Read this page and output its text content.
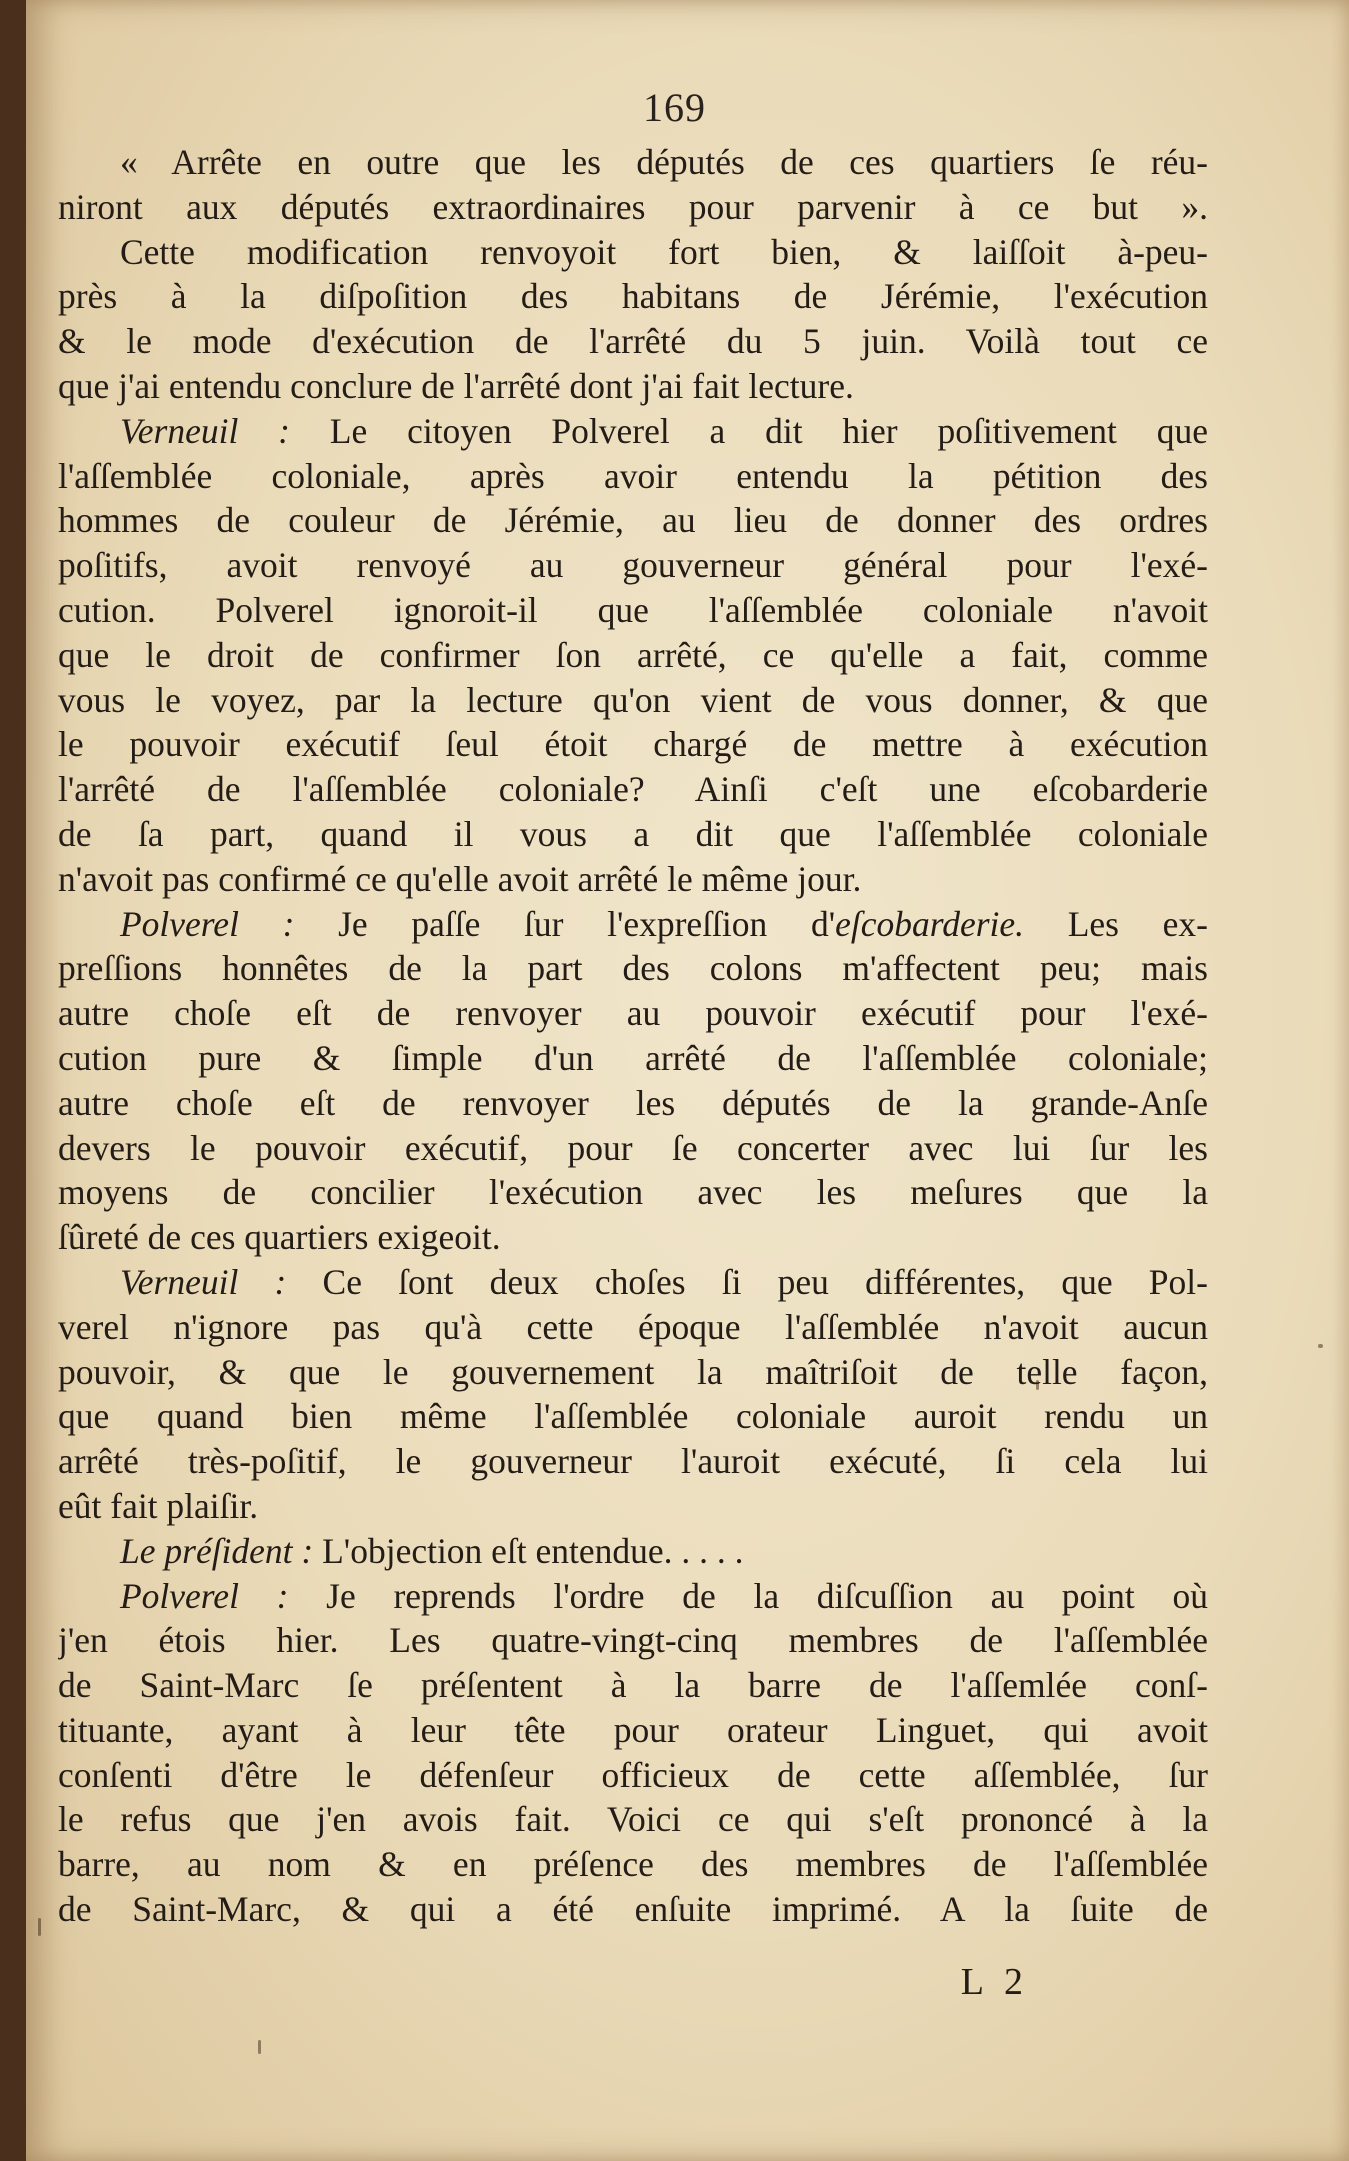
169
« Arrête en outre que les députés de ces quartiers ſe réu-
niront aux députés extraordinaires pour parvenir à ce but ».
Cette modification renvoyoit fort bien, & laiſſoit à-peu-
près à la diſpoſition des habitans de Jérémie, l'exécution
& le mode d'exécution de l'arrêté du 5 juin. Voilà tout ce
que j'ai entendu conclure de l'arrêté dont j'ai fait lecture.
Verneuil : Le citoyen Polverel a dit hier poſitivement que
l'aſſemblée coloniale, après avoir entendu la pétition des
hommes de couleur de Jérémie, au lieu de donner des ordres
poſitifs, avoit renvoyé au gouverneur général pour l'exé-
cution. Polverel ignoroit-il que l'aſſemblée coloniale n'avoit
que le droit de confirmer ſon arrêté, ce qu'elle a fait, comme
vous le voyez, par la lecture qu'on vient de vous donner, & que
le pouvoir exécutif ſeul étoit chargé de mettre à exécution
l'arrêté de l'aſſemblée coloniale? Ainſi c'eſt une eſcobarderie
de ſa part, quand il vous a dit que l'aſſemblée coloniale
n'avoit pas confirmé ce qu'elle avoit arrêté le même jour.
Polverel : Je paſſe ſur l'expreſſion d'eſcobarderie. Les ex-
preſſions honnêtes de la part des colons m'affectent peu; mais
autre choſe eſt de renvoyer au pouvoir exécutif pour l'exé-
cution pure & ſimple d'un arrêté de l'aſſemblée coloniale;
autre choſe eſt de renvoyer les députés de la grande-Anſe
devers le pouvoir exécutif, pour ſe concerter avec lui ſur les
moyens de concilier l'exécution avec les meſures que la
ſûreté de ces quartiers exigeoit.
Verneuil : Ce ſont deux choſes ſi peu différentes, que Pol-
verel n'ignore pas qu'à cette époque l'aſſemblée n'avoit aucun
pouvoir, & que le gouvernement la maîtriſoit de telle façon,
que quand bien même l'aſſemblée coloniale auroit rendu un
arrêté très-poſitif, le gouverneur l'auroit exécuté, ſi cela lui
eût fait plaiſir.
Le préſident : L'objection eſt entendue. . . . .
Polverel : Je reprends l'ordre de la diſcuſſion au point où
j'en étois hier. Les quatre-vingt-cinq membres de l'aſſemblée
de Saint-Marc ſe préſentent à la barre de l'aſſemlée conſ-
tituante, ayant à leur tête pour orateur Linguet, qui avoit
conſenti d'être le défenſeur officieux de cette aſſemblée, ſur
le refus que j'en avois fait. Voici ce qui s'eſt prononcé à la
barre, au nom & en préſence des membres de l'aſſemblée
de Saint-Marc, & qui a été enſuite imprimé. A la ſuite de
L 2
